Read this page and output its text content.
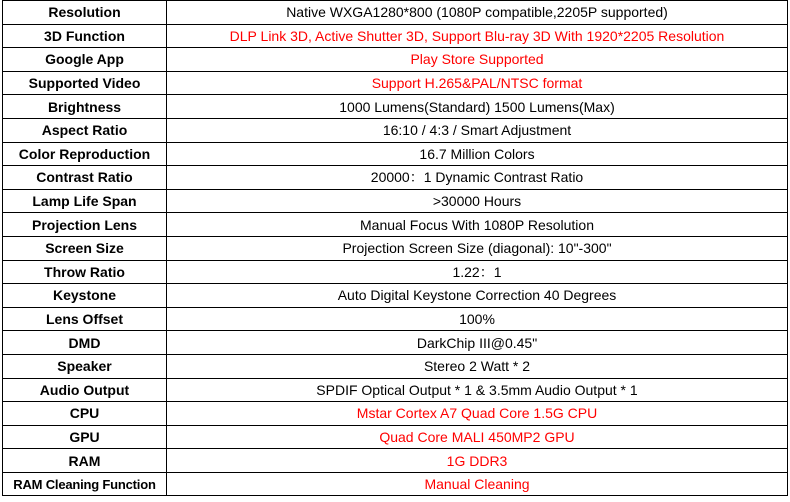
Resolution	Native WXGA1280*800 (1080P compatible,2205P supported)
3D Function	DLP Link 3D, Active Shutter 3D, Support Blu-ray 3D With 1920*2205 Resolution
Google App	Play Store Supported
Supported Video	Support H.265&PAL/NTSC format
Brightness	1000 Lumens(Standard) 1500 Lumens(Max)
Aspect Ratio	16:10 / 4:3 / Smart Adjustment
Color Reproduction	16.7 Million Colors
Contrast Ratio	20000：1 Dynamic Contrast Ratio
Lamp Life Span	>30000 Hours
Projection Lens	Manual Focus With 1080P Resolution
Screen Size	Projection Screen Size (diagonal): 10"-300"
Throw Ratio	1.22：1
Keystone	Auto Digital Keystone Correction 40 Degrees
Lens Offset	100%
DMD	DarkChip III@0.45"
Speaker	Stereo 2 Watt * 2
Audio Output	SPDIF Optical Output * 1 & 3.5mm Audio Output * 1
CPU	Mstar Cortex A7 Quad Core 1.5G CPU
GPU	Quad Core MALI 450MP2 GPU
RAM	1G DDR3
RAM Cleaning Function	Manual Cleaning
